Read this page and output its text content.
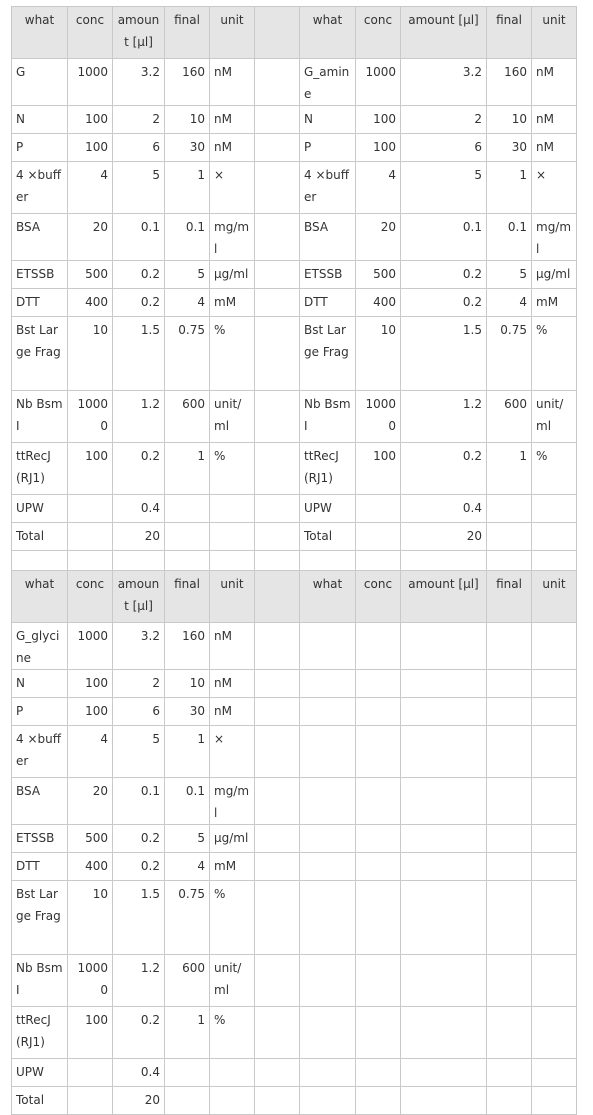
what	conc	amount [µl]	final	unit		what	conc	amount [µl]	final	unit
G	1000	3.2	160	nM		G_amine	1000	3.2	160	nM
N	100	2	10	nM		N	100	2	10	nM
P	100	6	30	nM		P	100	6	30	nM
4 ×buffer	4	5	1	×		4 ×buffer	4	5	1	×
BSA	20	0.1	0.1	mg/ml		BSA	20	0.1	0.1	mg/ml
ETSSB	500	0.2	5	µg/ml		ETSSB	500	0.2	5	µg/ml
DTT	400	0.2	4	mM		DTT	400	0.2	4	mM
Bst Large Frag	10	1.5	0.75	%		Bst Large Frag	10	1.5	0.75	%
Nb BsmI	10000	1.2	600	unit/ml		Nb BsmI	10000	1.2	600	unit/ml
ttRecJ (RJ1)	100	0.2	1	%		ttRecJ (RJ1)	100	0.2	1	%
UPW		0.4				UPW		0.4		
Total		20				Total		20		

what	conc	amount [µl]	final	unit		what	conc	amount [µl]	final	unit
G_glycine	1000	3.2	160	nM						
N	100	2	10	nM						
P	100	6	30	nM						
4 ×buffer	4	5	1	×						
BSA	20	0.1	0.1	mg/ml						
ETSSB	500	0.2	5	µg/ml						
DTT	400	0.2	4	mM						
Bst Large Frag	10	1.5	0.75	%						
Nb BsmI	10000	1.2	600	unit/ml						
ttRecJ (RJ1)	100	0.2	1	%						
UPW		0.4								
Total		20								
